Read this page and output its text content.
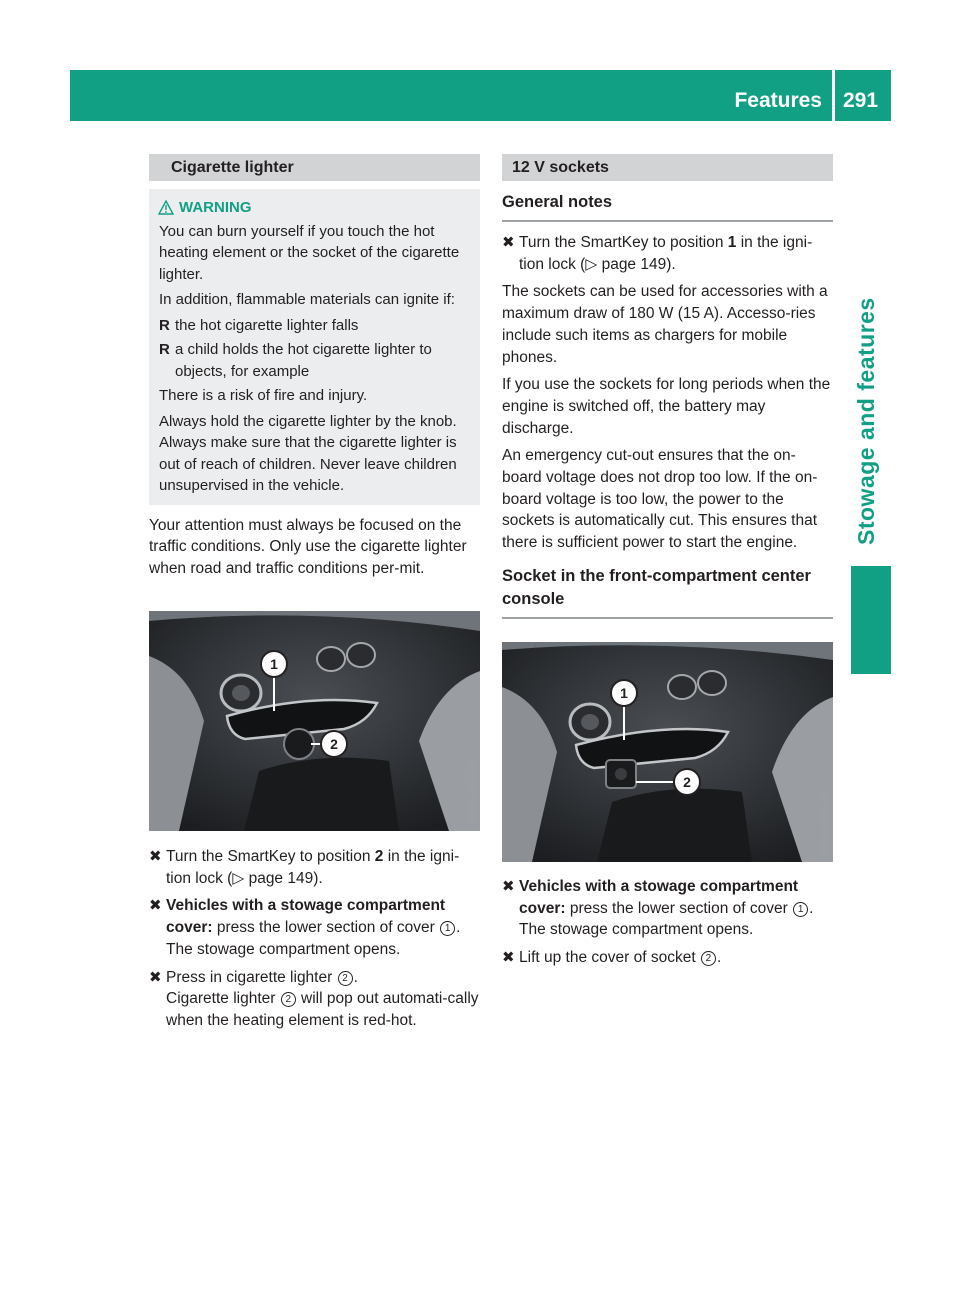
Features 291
Stowage and features
Cigarette lighter
WARNING

You can burn yourself if you touch the hot heating element or the socket of the cigarette lighter.

In addition, flammable materials can ignite if:

R the hot cigarette lighter falls
R a child holds the hot cigarette lighter to objects, for example

There is a risk of fire and injury.

Always hold the cigarette lighter by the knob. Always make sure that the cigarette lighter is out of reach of children. Never leave children unsupervised in the vehicle.

Your attention must always be focused on the traffic conditions. Only use the cigarette lighter when road and traffic conditions per-mit.

1
2
P68.00-7572-31
✖ Turn the SmartKey to position 2 in the igni-tion lock (▷ page 149).
✖ Vehicles with a stowage compartment cover: press the lower section of cover 1 .
The stowage compartment opens.
✖ Press in cigarette lighter 2 .
Cigarette lighter 2 will pop out automati-cally when the heating element is red-hot.
12 V sockets
General notes
✖ Turn the SmartKey to position 1 in the igni-tion lock (▷ page 149).

The sockets can be used for accessories with a maximum draw of 180 W (15 A). Accesso-ries include such items as chargers for mobile phones.

If you use the sockets for long periods when the engine is switched off, the battery may discharge.

An emergency cut-out ensures that the on-board voltage does not drop too low. If the on-board voltage is too low, the power to the sockets is automatically cut. This ensures that there is sufficient power to start the engine.

Socket in the front-compartment center console
1
2
P68.00-7573-31
✖ Vehicles with a stowage compartment cover: press the lower section of cover 1 .
The stowage compartment opens.
✖ Lift up the cover of socket 2 .
